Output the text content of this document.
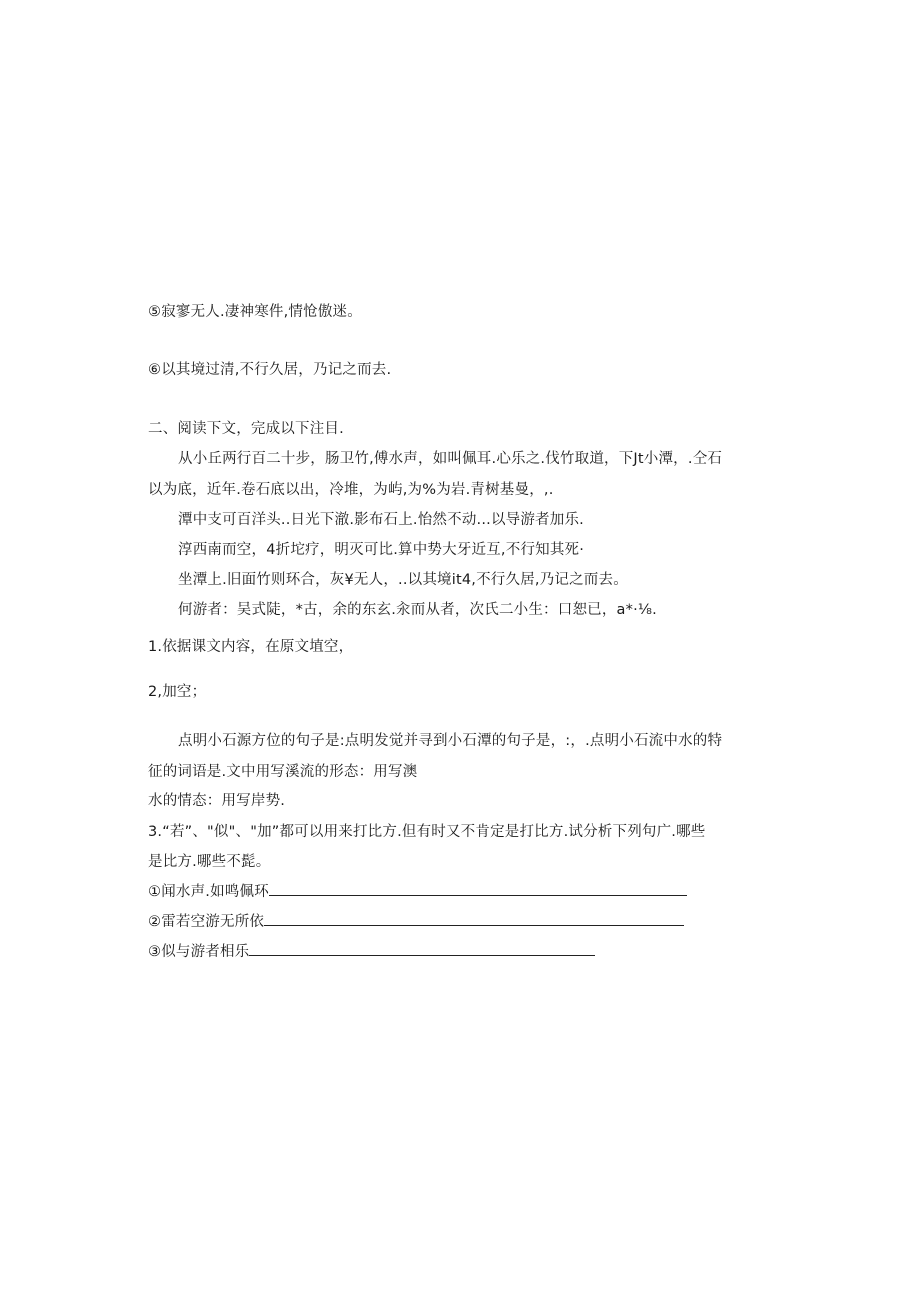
⑤寂寥无人.凄神寒件,情怆傲迷。
⑥以其境过清,不行久居，乃记之而去.
二、阅读下文，完成以下注目.
从小丘两行百二十步，肠卫竹,傅水声，如叫佩耳.心乐之.伐竹取道，下Jt小潭，.仝石
以为底，近年.卷石底以出，冷堆，为屿,为%为岩.青树基曼，,.
潭中支可百洋头..日光下澈.影布石上.怡然不动...以导游者加乐.
淳西南而空，4折坨疗，明灭可比.算中势大牙近互,不行知其死·
坐潭上.旧面竹则环合，灰¥无人，..以其境it4,不行久居,乃记之而去。
何游者：吴式陡，*古，余的东玄.汆而从者，次氏二小生：口恕已，a*·⅛.
1.依据课文内容，在原文埴空，
2,加空；
点明小石源方位的句子是:点明发觉并寻到小石潭的句子是，:，.点明小石流中水的特
征的词语是.文中用写溪流的形态：用写澳
水的情态：用写岸势.
3.“若”、"似"、"加”都可以用来打比方.但有时又不肯定是打比方.试分析下列句广.哪些
是比方.哪些不髭。
①闻水声.如鸣佩环
②雷若空游无所依
③似与游者相乐
